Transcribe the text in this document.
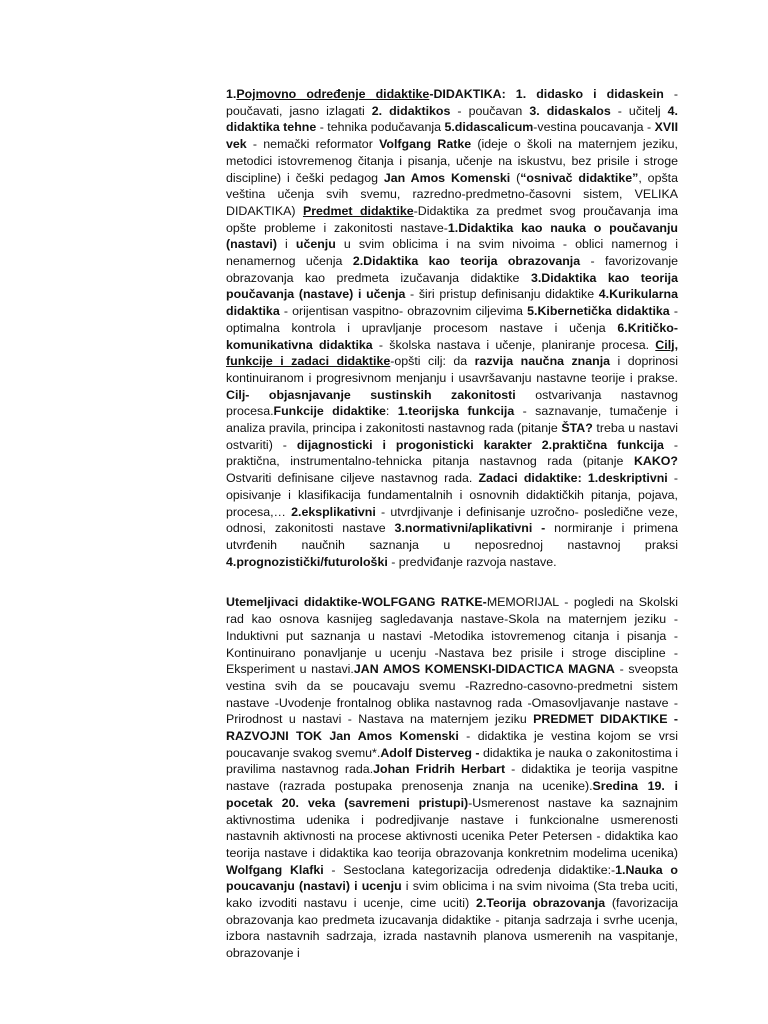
1.Pojmovno određenje didaktike-DIDAKTIKA: 1. didasko i didaskein - poučavati, jasno izlagati 2. didaktikos - poučavan 3. didaskalos - učitelj 4. didaktika tehne - tehnika podučavanja 5.didascalicum-vestina poucavanja - XVII vek - nemački reformator Volfgang Ratke (ideje o školi na maternjem jeziku, metodici istovremenog čitanja i pisanja, učenje na iskustvu, bez prisile i stroge discipline) i češki pedagog Jan Amos Komenski (“osnivač didaktike”, opšta veština učenja svih svemu, razredno-predmetno-časovni sistem, VELIKA DIDAKTIKA) Predmet didaktike-Didaktika za predmet svog proučavanja ima opšte probleme i zakonitosti nastave-1.Didaktika kao nauka o poučavanju (nastavi) i učenju u svim oblicima i na svim nivoima - oblici namernog i nenamernog učenja 2.Didaktika kao teorija obrazovanja - favorizovanje obrazovanja kao predmeta izučavanja didaktike 3.Didaktika kao teorija poučavanja (nastave) i učenja - širi pristup definisanju didaktike 4.Kurikularna didaktika - orijentisan vaspitno- obrazovnim ciljevima 5.Kibernetička didaktika - optimalna kontrola i upravljanje procesom nastave i učenja 6.Kritičko-komunikativna didaktika - školska nastava i učenje, planiranje procesa. Cilj, funkcije i zadaci didaktike-opšti cilj: da razvija naučna znanja i doprinosi kontinuiranom i progresivnom menjanju i usavršavanju nastavne teorije i prakse. Cilj- objasnjavanje sustinskih zakonitosti ostvarivanja nastavnog procesa.Funkcije didaktike: 1.teorijska funkcija - saznavanje, tumačenje i analiza pravila, principa i zakonitosti nastavnog rada (pitanje ŠTA? treba u nastavi ostvariti) - dijagnosticki i progonisticki karakter 2.praktična funkcija - praktična, instrumentalno-tehnicka pitanja nastavnog rada (pitanje KAKO? Ostvariti definisane ciljeve nastavnog rada. Zadaci didaktike: 1.deskriptivni - opisivanje i klasifikacija fundamentalnih i osnovnih didaktičkih pitanja, pojava, procesa,… 2.eksplikativni - utvrdjivanje i definisanje uzročno- posledične veze, odnosi, zakonitosti nastave 3.normativni/aplikativni - normiranje i primena utvrđenih naučnih saznanja u neposrednoj nastavnoj praksi 4.prognozistički/futurološki - predviđanje razvoja nastave.

Utemeljivaci didaktike-WOLFGANG RATKE-MEMORIJAL - pogledi na Skolski rad kao osnova kasnijeg sagledavanja nastave-Skola na maternjem jeziku -Induktivni put saznanja u nastavi -Metodika istovremenog citanja i pisanja -Kontinuirano ponavljanje u ucenju -Nastava bez prisile i stroge discipline -Eksperiment u nastavi.JAN AMOS KOMENSKI-DIDACTICA MAGNA - sveopsta vestina svih da se poucavaju svemu -Razredno-casovno-predmetni sistem nastave -Uvodenje frontalnog oblika nastavnog rada -Omasovljavanje nastave -Prirodnost u nastavi - Nastava na maternjem jeziku PREDMET DIDAKTIKE - RAZVOJNI TOK Jan Amos Komenski - didaktika je vestina kojom se vrsi poucavanje svakog svemu*.Adolf Disterveg - didaktika je nauka o zakonitostima i pravilima nastavnog rada.Johan Fridrih Herbart - didaktika je teorija vaspitne nastave (razrada postupaka prenosenja znanja na ucenike).Sredina 19. i pocetak 20. veka (savremeni pristupi)-Usmerenost nastave ka saznajnim aktivnostima udenika i podredjivanje nastave i funkcionalne usmerenosti nastavnih aktivnosti na procese aktivnosti ucenika Peter Petersen - didaktika kao teorija nastave i didaktika kao teorija obrazovanja konkretnim modelima ucenika) Wolfgang Klafki - Sestoclana kategorizacija odredenja didaktike:-1.Nauka o poucavanju (nastavi) i ucenju i svim oblicima i na svim nivoima (Sta treba uciti, kako izvoditi nastavu i ucenje, cime uciti) 2.Teorija obrazovanja (favorizacija obrazovanja kao predmeta izucavanja didaktike - pitanja sadrzaja i svrhe ucenja, izbora nastavnih sadrzaja, izrada nastavnih planova usmerenih na vaspitanje, obrazovanje i
